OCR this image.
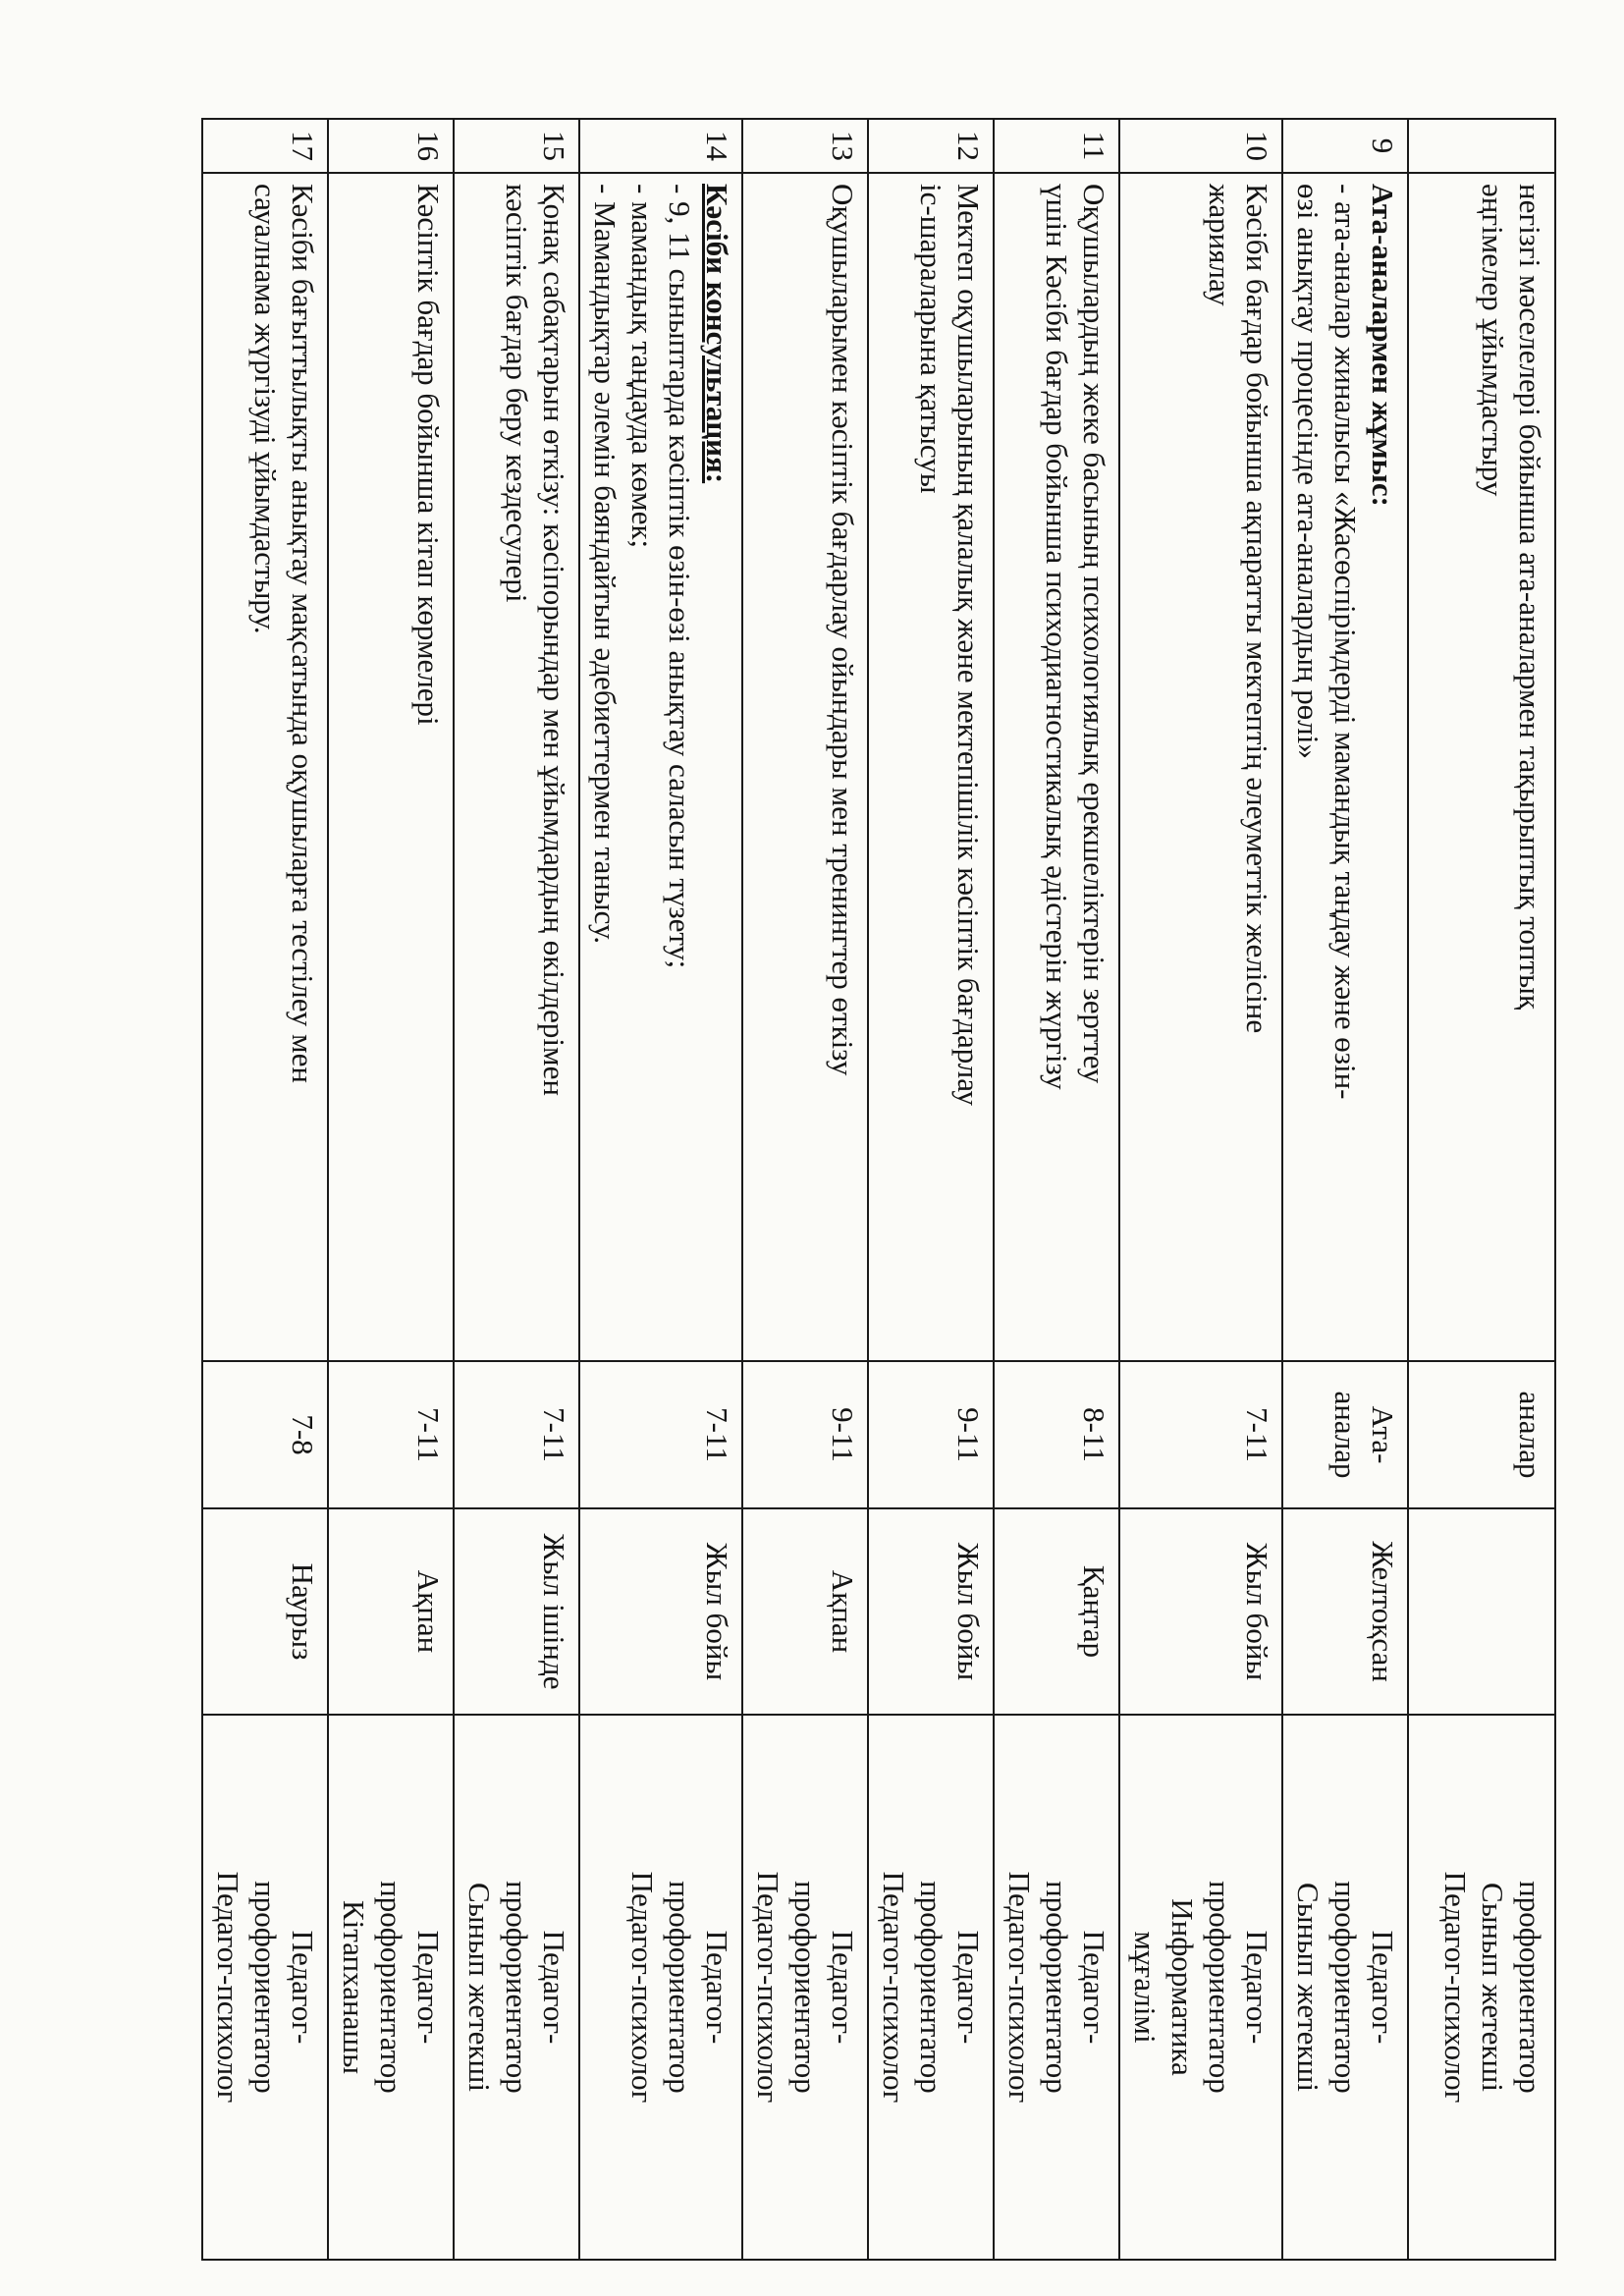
	негізгі мәселелері бойынша ата-аналармен тақырыптық топтық
әңгімелер ұйымдастыру	аналар		профориентатор
Сынып жетекші
Педагог-психолог

9	Ата-аналармен жұмыс:
- ата-аналар жиналысы «Жасөспірімдерді мамандық таңдау және өзін-
өзі анықтау процесінде ата-аналардың рөлі»	Ата-аналар	Желтоқсан	Педагог-
профориентатор
Сынып жетекші

10	Кәсіби бағдар бойынша ақпаратты мектептің әлеуметтік желісіне
жариялау	7-11	Жыл бойы	Педагог-
профориентатор
Информатика
мұғалімі

11	Оқушылардың жеке басының психологиялық ерекшеліктерін зерттеу
үшін Кәсіби бағдар бойынша психодиагностикалық әдістерін жүргізу	8-11	Қаңтар	Педагог-
профориентатор
Педагог-психолог

12	Мектеп оқушыларының қалалық және мектепішілік кәсіптік бағдарлау
іс-шараларына қатысуы	9-11	Жыл бойы	Педагог-
профориентатор
Педагог-психолог

13	Оқушыларымен кәсіптік бағдарлау ойындары мен тренингтер өткізу	9-11	Ақпан	Педагог-
профориентатор
Педагог-психолог

14	Кәсіби консультация:
- 9, 11 сыныптарда кәсіптік өзін-өзі анықтау саласын түзету;
- мамандық таңдауда көмек;
- Мамандықтар әлемін баяндайтын әдебиеттермен танысу.	7-11	Жыл бойы	Педагог-
профориентатор
Педагог-психолог

15	Қонақ сабақтарын өткізу: кәсіпорындар мен ұйымдардың өкілдерімен
кәсіптік бағдар беру кездесулері	7-11	Жыл ішінде	Педагог-
профориентатор
Сынып жетекші

16	Кәсіптік бағдар бойынша кітап көрмелері	7-11	Ақпан	Педагог-
профориентатор
Кітапханашы

17	Кәсіби бағыттылықты анықтау мақсатында оқушыларға тестілеу мен
сауалнама жүргізуді ұйымдастыру.	7-8	Наурыз	Педагог-
профориентатор
Педагог-психолог
